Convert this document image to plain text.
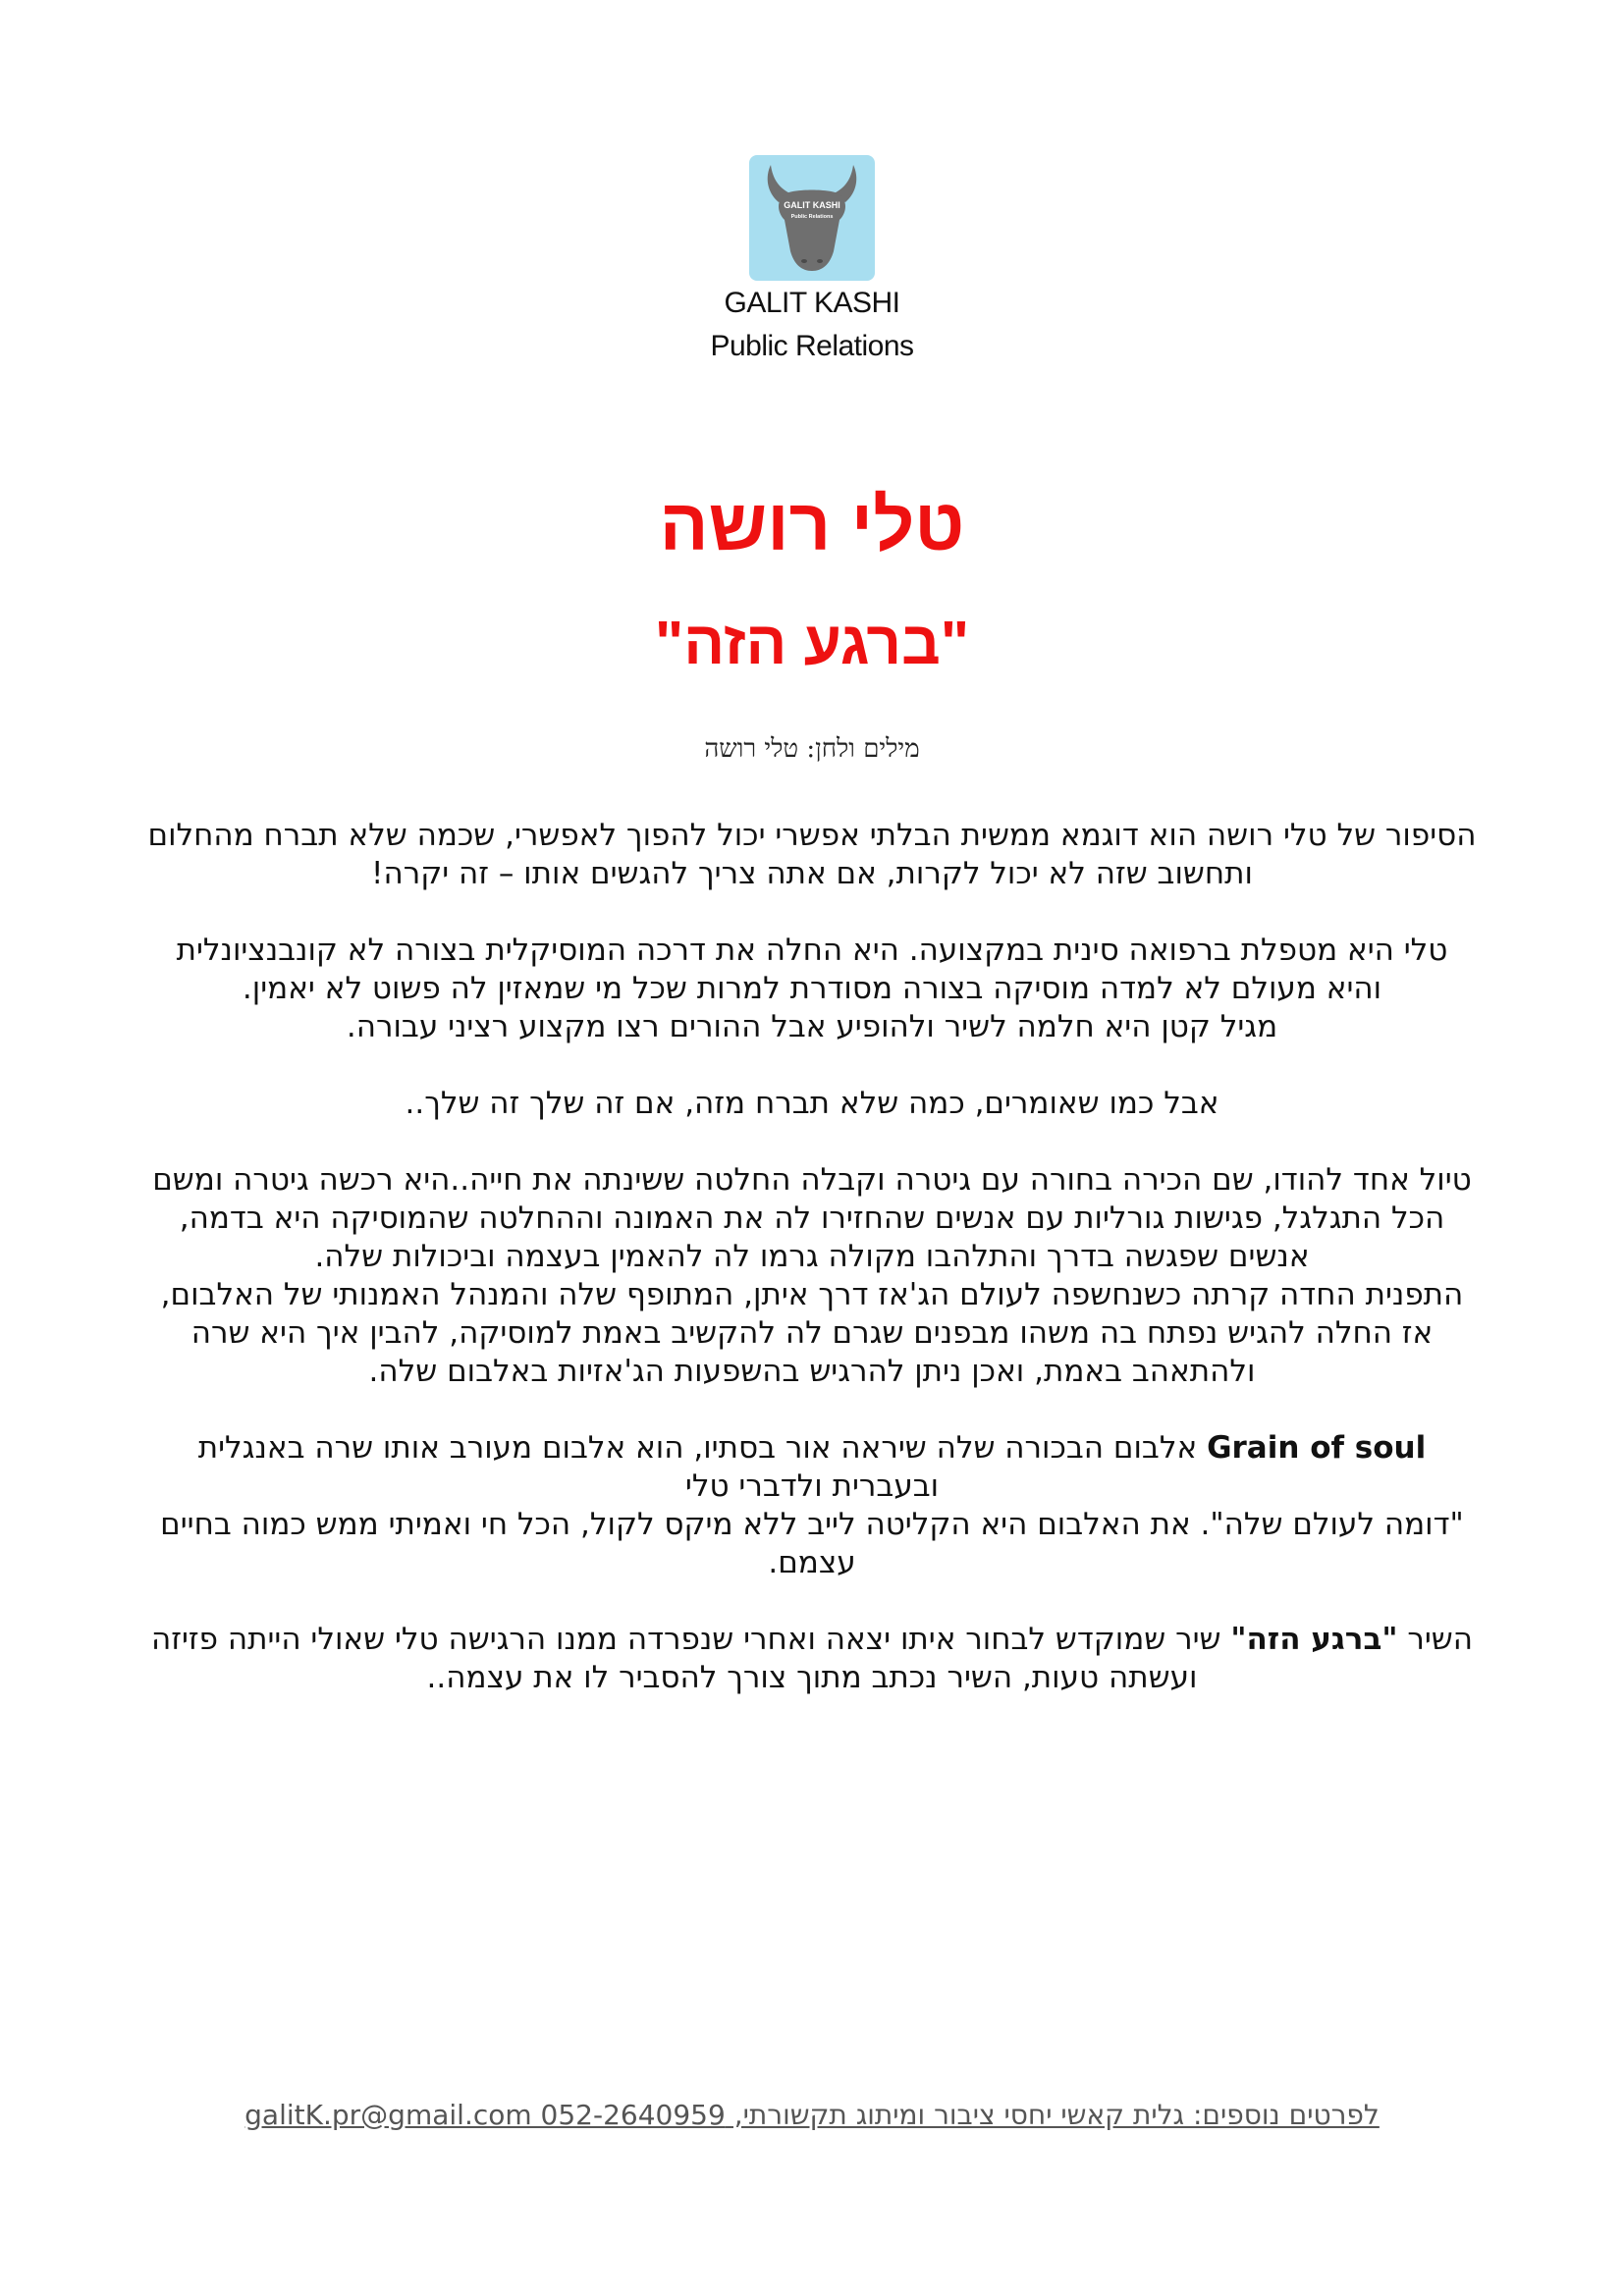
GALIT KASHI
Public Relations
GALIT KASHI
Public Relations
טלי רושה
"ברגע הזה"
מילים ולחן: טלי רושה

הסיפור של טלי רושה הוא דוגמא ממשית הבלתי אפשרי יכול להפוך לאפשרי, שכמה שלא תברח מהחלום ותחשוב שזה לא יכול לקרות, אם אתה צריך להגשים אותו – זה יקרה!

טלי היא מטפלת ברפואה סינית במקצועה. היא החלה את דרכה המוסיקלית בצורה לא קונבנציונלית

והיא מעולם לא למדה מוסיקה בצורה מסודרת למרות שכל מי שמאזין לה פשוט לא יאמין.

מגיל קטן היא חלמה לשיר ולהופיע אבל ההורים רצו מקצוע רציני עבורה.

אבל כמו שאומרים, כמה שלא תברח מזה, אם זה שלך זה שלך..

טיול אחד להודו, שם הכירה בחורה עם גיטרה וקבלה החלטה ששינתה את חייה..היא רכשה גיטרה ומשם הכל התגלגל, פגישות גורליות עם אנשים שהחזירו לה את האמונה וההחלטה שהמוסיקה היא בדמה, אנשים שפגשה בדרך והתלהבו מקולה גרמו לה להאמין בעצמה וביכולות שלה.

התפנית החדה קרתה כשנחשפה לעולם הג'אז דרך איתן, המתופף שלה והמנהל האמנותי של האלבום, אז החלה להגיש נפתח בה משהו מבפנים שגרם לה להקשיב באמת למוסיקה, להבין איך היא שרה ולהתאהב באמת, ואכן ניתן להרגיש בהשפעות הג'אזיות באלבום שלה.

Grain of soul אלבום הבכורה שלה שיראה אור בסתיו, הוא אלבום מעורב אותו שרה באנגלית ובעברית ולדברי טלי

"דומה לעולם שלה". את האלבום היא הקליטה לייב ללא מיקס לקול, הכל חי ואמיתי ממש כמוה בחיים עצמם.

השיר "ברגע הזה" שיר שמוקדש לבחור איתו יצאה ואחרי שנפרדה ממנו הרגישה טלי שאולי הייתה פזיזה ועשתה טעות, השיר נכתב מתוך צורך להסביר לו את עצמה..

לפרטים נוספים: גלית קאשי יחסי ציבור ומיתוג תקשורתי, galitK.pr@gmail.com 052-2640959
